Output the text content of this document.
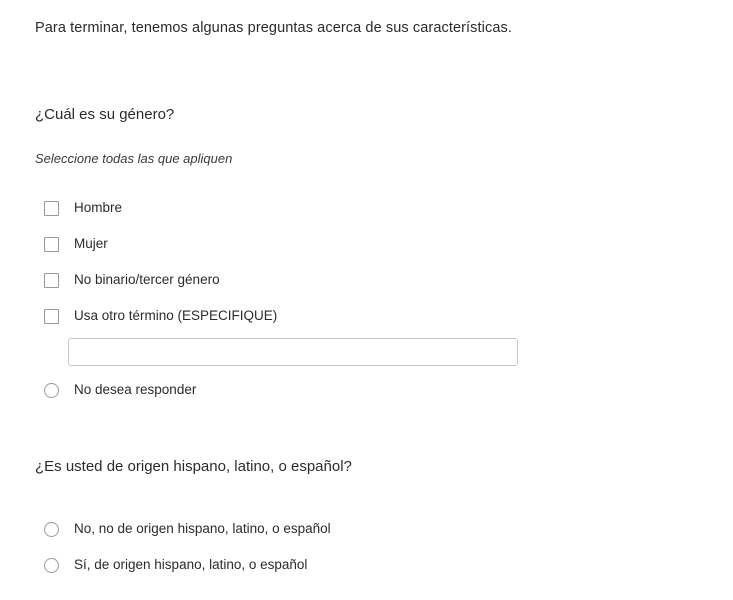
Para terminar, tenemos algunas preguntas acerca de sus características.
¿Cuál es su género?
Seleccione todas las que apliquen
Hombre
Mujer
No binario/tercer género
Usa otro término (ESPECIFIQUE)
No desea responder
¿Es usted de origen hispano, latino, o español?
No, no de origen hispano, latino, o español
Sí, de origen hispano, latino, o español
